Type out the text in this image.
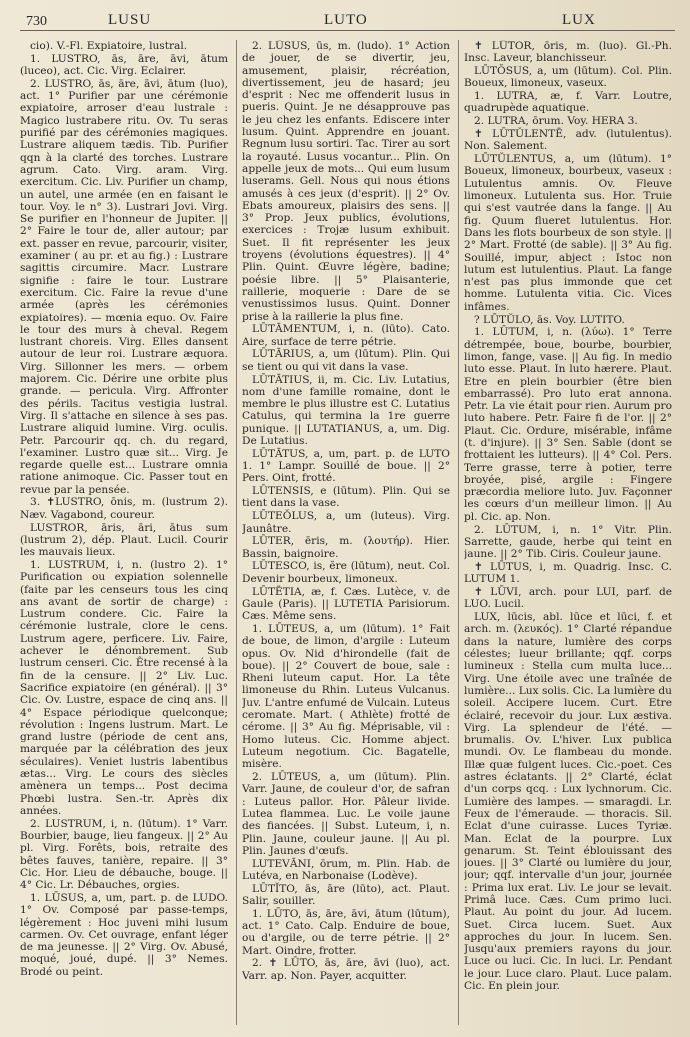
730	LUSU	LUTO	LUX

cio). V.-Fl. Expiatoire, lustral.

1. LUSTRO, ās, āre, āvi, ātum (luceo), act. Cic. Virg. Eclairer.

2. LUSTRO, ās, āre, āvi, ātum (luo), act. 1° Purifier par une cérémonie expiatoire, arroser d'eau lustrale : Magico lustrabere ritu. Ov. Tu seras purifié par des cérémonies magiques. Lustrare aliquem tædis. Tib. Purifier qqn à la clarté des torches. Lustrare agrum. Cato. Virg. aram. Virg. exercitum. Cic. Liv. Purifier un champ, un autel, une armée (en en faisant le tour. Voy. le n° 3). Lustrari Jovi. Virg. Se purifier en l'honneur de Jupiter. || 2° Faire le tour de, aller autour; par ext. passer en revue, parcourir, visiter, examiner ( au pr. et au fig.) : Lustrare sagittis circumire. Macr. Lustrare signifie : faire le tour. Lustrare exercitum. Cic. Faire la revue d'une armée (après les cérémonies expiatoires). — mœnia equo. Ov. Faire le tour des murs à cheval. Regem lustrant choreis. Virg. Elles dansent autour de leur roi. Lustrare æquora. Virg. Sillonner les mers. — orbem majorem. Cic. Dérire une orbite plus grande. — pericula. Virg. Affronter des périls. Tacitus vestigia lustral. Virg. Il s'attache en silence à ses pas. Lustrare aliquid lumine. Virg. oculis. Petr. Parcourir qq. ch. du regard, l'examiner. Lustro quæ sit... Virg. Je regarde quelle est... Lustrare omnia ratione animoque. Cic. Passer tout en revue par la pensée.

3. ✝LUSTRO, ōnis, m. (lustrum 2). Næv. Vagabond, coureur.

LUSTROR, āris, āri, ātus sum (lustrum 2), dép. Plaut. Lucil. Courir les mauvais lieux.

1. LUSTRUM, i, n. (lustro 2). 1° Purification ou expiation solennelle (faite par les censeurs tous les cinq ans avant de sortir de charge) : Lustrum condere. Cic. Faire la cérémonie lustrale, clore le cens. Lustrum agere, perficere. Liv. Faire, achever le dénombrement. Sub lustrum censeri. Cic. Être recensé à la fin de la censure. || 2° Liv. Luc. Sacrifice expiatoire (en général). || 3° Cic. Ov. Lustre, espace de cinq ans. || 4° Espace périodique quelconque; révolution : Ingens lustrum. Mart. Le grand lustre (période de cent ans, marquée par la célébration des jeux séculaires). Veniet lustris labentibus ætas... Virg. Le cours des siècles amènera un temps... Post decima Phœbi lustra. Sen.-tr. Après dix années.

2. LUSTRUM, i, n. (lūtum). 1° Varr. Bourbier, bauge, lieu fangeux. || 2° Au pl. Virg. Forêts, bois, retraite des bêtes fauves, tanière, repaire. || 3° Cic. Hor. Lieu de débauche, bouge. || 4° Cic. Lr. Débauches, orgies.

1. LŪSUS, a, um, part. p. de LUDO. 1° Ov. Composé par passe-temps, légèrement : Hoc juveni mihi lusum carmen. Ov. Cet ouvrage, enfant léger de ma jeunesse. || 2° Virg. Ov. Abusé, moqué, joué, dupé. || 3° Nemes. Brodé ou peint.

2. LŪSUS, ūs, m. (ludo). 1° Action de jouer, de se divertir, jeu, amusement, plaisir, récréation, divertissement, jeu de hasard; jeu d'esprit : Nec me offenderit lusus in pueris. Quint. Je ne désapprouve pas le jeu chez les enfants. Ediscere inter lusum. Quint. Apprendre en jouant. Regnum lusu sortiri. Tac. Tirer au sort la royauté. Lusus vocantur... Plin. On appelle jeux de mots... Qui eum lusum luserams. Gell. Nous qui nous étions amusés à ces jeux (d'esprit). || 2° Ov. Ebats amoureux, plaisirs des sens. || 3° Prop. Jeux publics, évolutions, exercices : Trojæ lusum exhibuit. Suet. Il fit représenter les jeux troyens (évolutions équestres). || 4° Plin. Quint. Œuvre légère, badine; poésie libre. || 5° Plaisanterie, raillerie, moquerie : Dare de se venustissimos lusus. Quint. Donner prise à la raillerie la plus fine.

LŪTĀMENTUM, i, n. (lūto). Cato. Aire, surface de terre pétrie.

LŪTĀRIUS, a, um (lūtum). Plin. Qui se tient ou qui vit dans la vase.

LŪTĀTIUS, ii, m. Cic. Liv. Lutatius, nom d'une famille romaine, dont le membre le plus illustre est C. Lutatius Catulus, qui termina la 1re guerre punique. || LUTATIANUS, a, um. Dig. De Lutatius.

LŪTĀTUS, a, um, part. p. de LUTO 1. 1° Lampr. Souillé de boue. || 2° Pers. Oint, frotté.

LŪTENSIS, e (lūtum). Plin. Qui se tient dans la vase.

LŪTEŎLUS, a, um (luteus). Virg. Jaunâtre.

LŪTER, ēris, m. (λουτήρ). Hier. Bassin, baignoire.

LŪTESCO, is, ĕre (lūtum), neut. Col. Devenir bourbeux, limoneux.

LŪTĒTIA, æ, f. Cæs. Lutèce, v. de Gaule (Paris). || LUTETIA Parisiorum. Cæs. Même sens.

1. LŪTEUS, a, um (lūtum). 1° Fait de boue, de limon, d'argile : Luteum opus. Ov. Nid d'hirondelle (fait de boue). || 2° Couvert de boue, sale : Rheni luteum caput. Hor. La tête limoneuse du Rhin. Luteus Vulcanus. Juv. L'antre enfumé de Vulcain. Luteus ceromate. Mart. ( Athlète) frotté de cérome. || 3° Au fig. Méprisable, vil : Homo luteus. Cic. Homme abject. Luteum negotium. Cic. Bagatelle, misère.

2. LŪTEUS, a, um (lūtum). Plin. Varr. Jaune, de couleur d'or, de safran : Luteus pallor. Hor. Pâleur livide. Lutea flammea. Luc. Le voile jaune des fiancées. || Subst. Luteum, i, n. Plin. Jaune, couleur jaune. || Au pl. Plin. Jaunes d'œufs.

LUTEVĀNI, ōrum, m. Plin. Hab. de Lutéva, en Narbonaise (Lodève).

LŪTĬTO, ās, āre (lūto), act. Plaut. Salir, souiller.

1. LŪTO, ās, āre, āvi, ātum (lūtum), act. 1° Cato. Calp. Enduire de boue, ou d'argile, ou de terre pétrie. || 2° Mart. Oindre, frotter.

2. ✝ LŪTO, ās, āre, āvi (luo), act. Varr. ap. Non. Payer, acquitter.

✝ LŪTOR, ōris, m. (luo). Gl.-Ph. Insc. Laveur, blanchisseur.

LŪTŌSUS, a, um (lūtum). Col. Plin. Boueux, limoneux, vaseux.

1. LUTRA, æ, f. Varr. Loutre, quadrupède aquatique.

2. LUTRA, ōrum. Voy. HERA 3.

✝ LŪTŬLENTĒ, adv. (lutulentus). Non. Salement.

LŪTŬLENTUS, a, um (lūtum). 1° Boueux, limoneux, bourbeux, vaseux : Lutulentus amnis. Ov. Fleuve limoneux. Lutulenta sus. Hor. Truie qui s'est vautrée dans la fange. || Au fig. Quum flueret lutulentus. Hor. Dans les flots bourbeux de son style. || 2° Mart. Frotté (de sable). || 3° Au fig. Souillé, impur, abject : Istoc non lutum est lutulentius. Plaut. La fange n'est pas plus immonde que cet homme. Lutulenta vitia. Cic. Vices infâmes.

? LŪTŬLO, ās. Voy. LUTITO.

1. LŪTUM, i, n. (λύω). 1° Terre détrempée, boue, bourbe, bourbier, limon, fange, vase. || Au fig. In medio luto esse. Plaut. In luto hærere. Plaut. Etre en plein bourbier (être bien embarrassé). Pro luto erat annona. Petr. La vie était pour rien. Aurum pro luto habere. Petr. Faire fi de l'or. || 2° Plaut. Cic. Ordure, misérable, infâme (t. d'injure). || 3° Sen. Sable (dont se frottaient les lutteurs). || 4° Col. Pers. Terre grasse, terre à potier, terre broyée, pisé, argile : Fingere præcordia meliore luto. Juv. Façonner les cœurs d'un meilleur limon. || Au pl. Cic. ap. Non.

2. LŪTUM, i, n. 1° Vitr. Plin. Sarrette, gaude, herbe qui teint en jaune. || 2° Tib. Ciris. Couleur jaune.

✝ LŪTUS, i, m. Quadrig. Insc. C. LUTUM 1.

✝ LŪVI, arch. pour LUI, parf. de LUO. Lucil.

LUX, lūcis, abl. lūce et lūci, f. et arch. m. (λευκός). 1° Clarté répandue dans la nature, lumière des corps célestes; lueur brillante; qqf. corps lumineux : Stella cum multa luce... Virg. Une étoile avec une traînée de lumière... Lux solis. Cic. La lumière du soleil. Accipere lucem. Curt. Etre éclairé, recevoir du jour. Lux æstiva. Virg. La splendeur de l'été. — brumalis. Ov. L'hiver. Lux publica mundi. Ov. Le flambeau du monde. Illæ quæ fulgent luces. Cic.-poet. Ces astres éclatants. || 2° Clarté, éclat d'un corps qcq. : Lux lychnorum. Cic. Lumière des lampes. — smaragdi. Lr. Feux de l'émeraude. — thoracis. Sil. Eclat d'une cuirasse. Luces Tyriæ. Man. Eclat de la pourpre. Lux genarum. St. Teint éblouissant des joues. || 3° Clarté ou lumière du jour, jour; qqf. intervalle d'un jour, journée : Prima lux erat. Liv. Le jour se levait. Primâ luce. Cæs. Cum primo luci. Plaut. Au point du jour. Ad lucem. Suet. Circa lucem. Suet. Aux approches du jour. In lucem. Sen. Jusqu'aux premiers rayons du jour. Luce ou luci. Cic. In luci. Lr. Pendant le jour. Luce claro. Plaut. Luce palam. Cic. En plein jour.
